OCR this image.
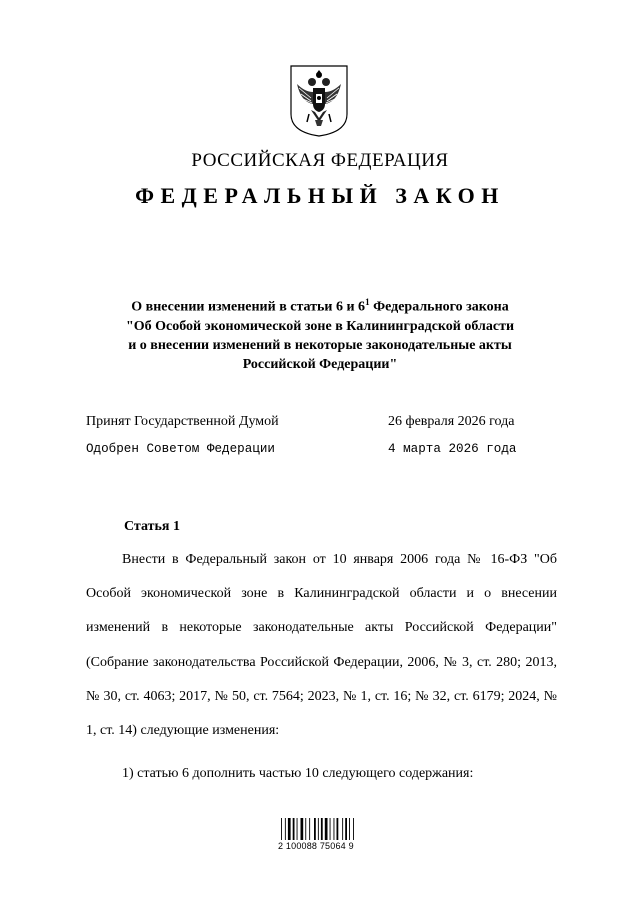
РОССИЙСКАЯ ФЕДЕРАЦИЯ
ФЕДЕРАЛЬНЫЙ ЗАКОН
О внесении изменений в статьи 6 и $6^1$ Федерального закона
"Об Особой экономической зоне в Калининградской области
и о внесении изменений в некоторые законодательные акты
Российской Федерации"
Принят Государственной Думой	26 февраля 2026 года
Одобрен Советом Федерации	4 марта 2026 года
Статья 1
Внести в Федеральный закон от 10 января 2006 года № 16-ФЗ "Об Особой экономической зоне в Калининградской области и о внесении изменений в некоторые законодательные акты Российской Федерации" (Собрание законодательства Российской Федерации, 2006, № 3, ст. 280; 2013, № 30, ст. 4063; 2017, № 50, ст. 7564; 2023, № 1, ст. 16; № 32, ст. 6179; 2024, № 1, ст. 14) следующие изменения:
1) статью 6 дополнить частью 10 следующего содержания:
2 100088 75064 9
